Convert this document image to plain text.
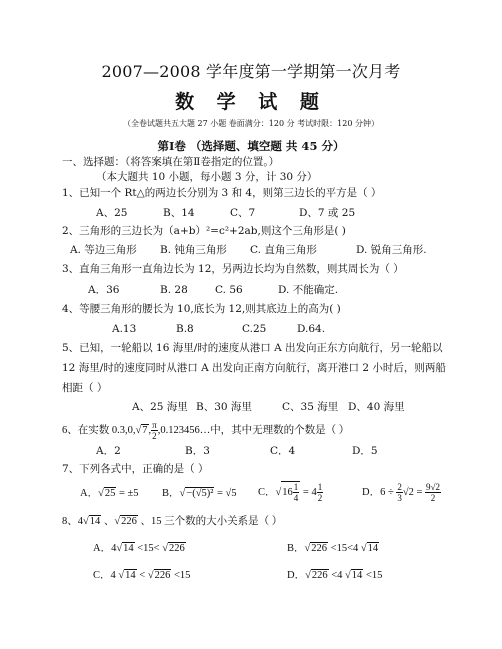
2007—2008 学年度第一学期第一次月考
数 学 试 题
（全卷试题共五大题 27 小题 卷面满分：120 分 考试时限：120 分钟）
第Ⅰ卷 （选择题、填空题 共 45 分）
一、选择题：（将答案填在第Ⅱ卷指定的位置。）
（本大题共 10 小题，每小题 3 分，计 30 分）
1、已知一个 Rt△的两边长分别为 3 和 4，则第三边长的平方是（ ）
A、25	B、14	C、7	D、7 或 25
2、三角形的三边长为（a+b）²=c²+2ab,则这个三角形是( )
A. 等边三角形 B. 钝角三角形 C. 直角三角形	D. 锐角三角形.
3、直角三角形一直角边长为 12，另两边长均为自然数，则其周长为（ ）
A．36	B. 28	C. 56	D. 不能确定.
4、等腰三角形的腰长为 10,底长为 12,则其底边上的高为( )
A.13	B.8	C.25	D.64.
5、已知，一轮船以 16 海里/时的速度从港口 A 出发向正东方向航行，另一轮船以
12 海里/时的速度同时从港口 A 出发向正南方向航行，离开港口 2 小时后，则两船
相距（ ）
A、25 海里 B、30 海里	C、35 海里 D、40 海里
6、在实数 0.3,0,√7, $\frac{\pi}{2}$ ,0.123456…中，其中无理数的个数是（ ）
A．2	B．3	C．4	D．5
7、下列各式中，正确的是（ ）
A．√25 = ±5 B．√−(√5)² = √5 C．$√16 \frac{1}{4} = 4 \frac{1}{2}$	D．$6 \div \frac{2}{3} √2 = \frac{9√2}{2}$
8、4√14 、√226 、15 三个数的大小关系是（ ）
A．4√14 <15< √226	B．√226 <15<4 √14
C．4 √14 < √226 <15	D．√226 <4 √14 <15
